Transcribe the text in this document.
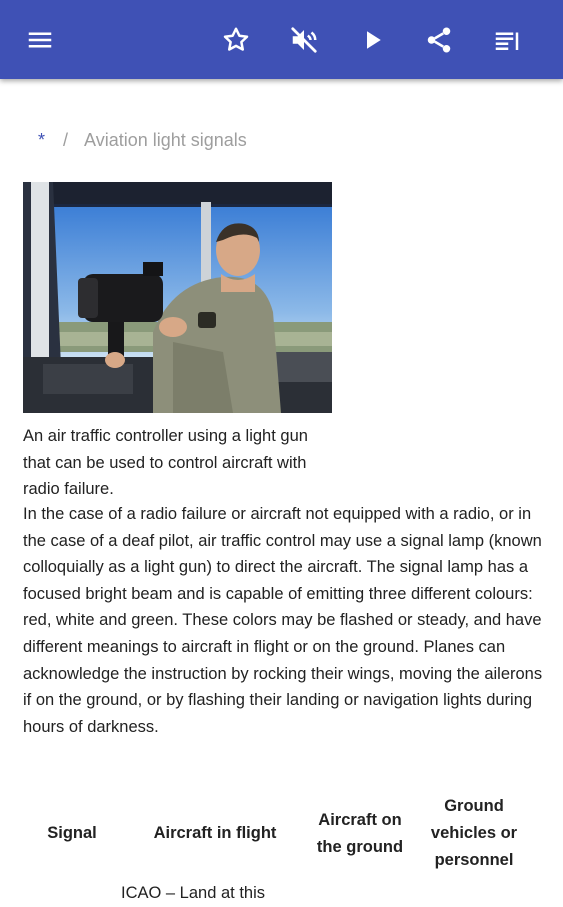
* / Aviation light signals
An air traffic controller using a light gun that can be used to control aircraft with radio failure.
In the case of a radio failure or aircraft not equipped with a radio, or in the case of a deaf pilot, air traffic control may use a signal lamp (known colloquially as a light gun) to direct the aircraft. The signal lamp has a focused bright beam and is capable of emitting three different colours: red, white and green. These colors may be flashed or steady, and have different meanings to aircraft in flight or on the ground. Planes can acknowledge the instruction by rocking their wings, moving the ailerons if on the ground, or by flashing their landing or navigation lights during hours of darkness.
Signal	Aircraft in flight	Aircraft on the ground	Ground vehicles or personnel
	ICAO – Land at this		
